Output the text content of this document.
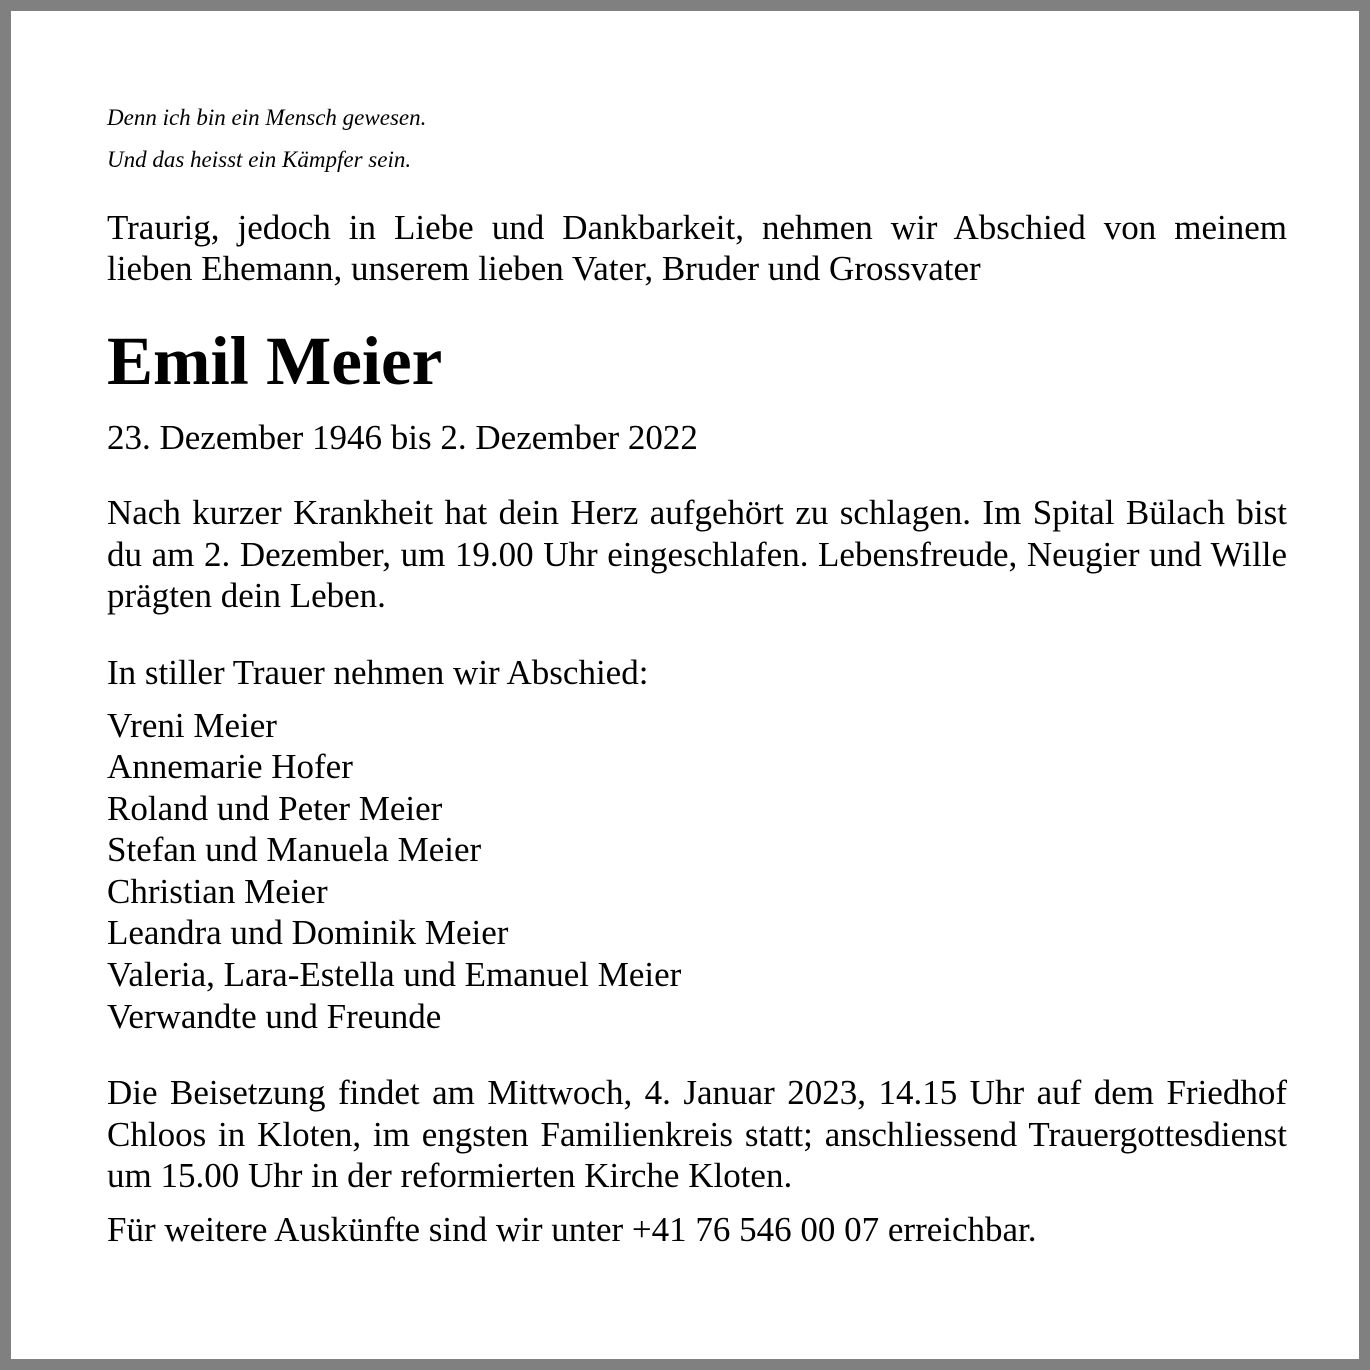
Denn ich bin ein Mensch gewesen.

Und das heisst ein Kämpfer sein.

Traurig, jedoch in Liebe und Dankbarkeit, nehmen wir Abschied von meinem lieben Ehemann, unserem lieben Vater, Bruder und Grossvater
Emil Meier
23. Dezember 1946 bis 2. Dezember 2022
Nach kurzer Krankheit hat dein Herz aufgehört zu schlagen. Im Spital Bülach bist du am 2. Dezember, um 19.00 Uhr eingeschlafen. Lebensfreude, Neugier und Wille prägten dein Leben.
In stiller Trauer nehmen wir Abschied:
Vreni Meier
Annemarie Hofer
Roland und Peter Meier
Stefan und Manuela Meier
Christian Meier
Leandra und Dominik Meier
Valeria, Lara-Estella und Emanuel Meier
Verwandte und Freunde
Die Beisetzung findet am Mittwoch, 4. Januar 2023, 14.15 Uhr auf dem Friedhof Chloos in Kloten, im engsten Familienkreis statt; anschliessend Trauergottesdienst um 15.00 Uhr in der reformierten Kirche Kloten.
Für weitere Auskünfte sind wir unter +41 76 546 00 07 erreichbar.
